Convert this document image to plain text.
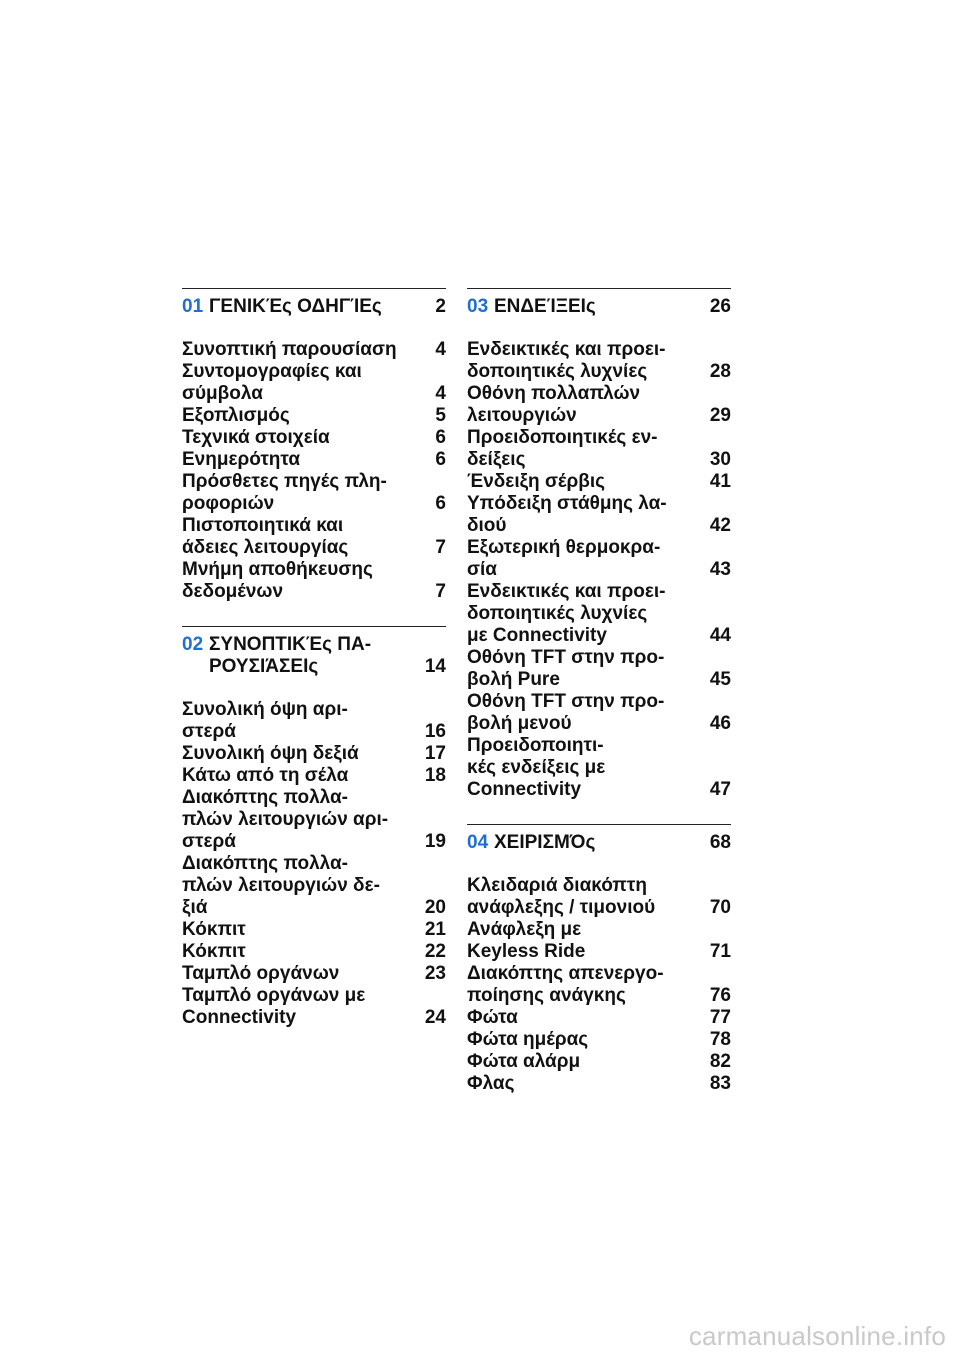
01 ΓΕΝΙΚΈς ΟΔΗΓΊΕς	2
Συνοπτική παρουσίαση	4
Συντομογραφίες και
σύμβολα	4
Εξοπλισμός	5
Τεχνικά στοιχεία	6
Ενημερότητα	6
Πρόσθετες πηγές πλη-
ροφοριών	6
Πιστοποιητικά και
άδειες λειτουργίας	7
Μνήμη αποθήκευσης
δεδομένων	7
02 ΣΥΝΟΠΤΙΚΈς ΠΑ-
ΡΟΥΣΙΆΣΕΙς	14
Συνολική όψη αρι-
στερά	16
Συνολική όψη δεξιά	17
Κάτω από τη σέλα	18
Διακόπτης πολλα-
πλών λειτουργιών αρι-
στερά	19
Διακόπτης πολλα-
πλών λειτουργιών δε-
ξιά	20
Κόκπιτ	21
Κόκπιτ	22
Ταμπλό οργάνων	23
Ταμπλό οργάνων με
Connectivity	24
03 ΕΝΔΕΊΞΕΙς	26
Ενδεικτικές και προει-
δοποιητικές λυχνίες	28
Οθόνη πολλαπλών
λειτουργιών	29
Προειδοποιητικές εν-
δείξεις	30
Ένδειξη σέρβις	41
Υπόδειξη στάθμης λα-
διού	42
Εξωτερική θερμοκρα-
σία	43
Ενδεικτικές και προει-
δοποιητικές λυχνίες
με Connectivity	44
Οθόνη TFT στην προ-
βολή Pure	45
Οθόνη TFT στην προ-
βολή μενού	46
Προειδοποιητι-
κές ενδείξεις με
Connectivity	47
04 ΧΕΙΡΙΣΜΌς	68
Κλειδαριά διακόπτη
ανάφλεξης / τιμονιού	70
Ανάφλεξη με
Keyless Ride	71
Διακόπτης απενεργο-
ποίησης ανάγκης	76
Φώτα	77
Φώτα ημέρας	78
Φώτα αλάρμ	82
Φλας	83
carmanualsonline.info
